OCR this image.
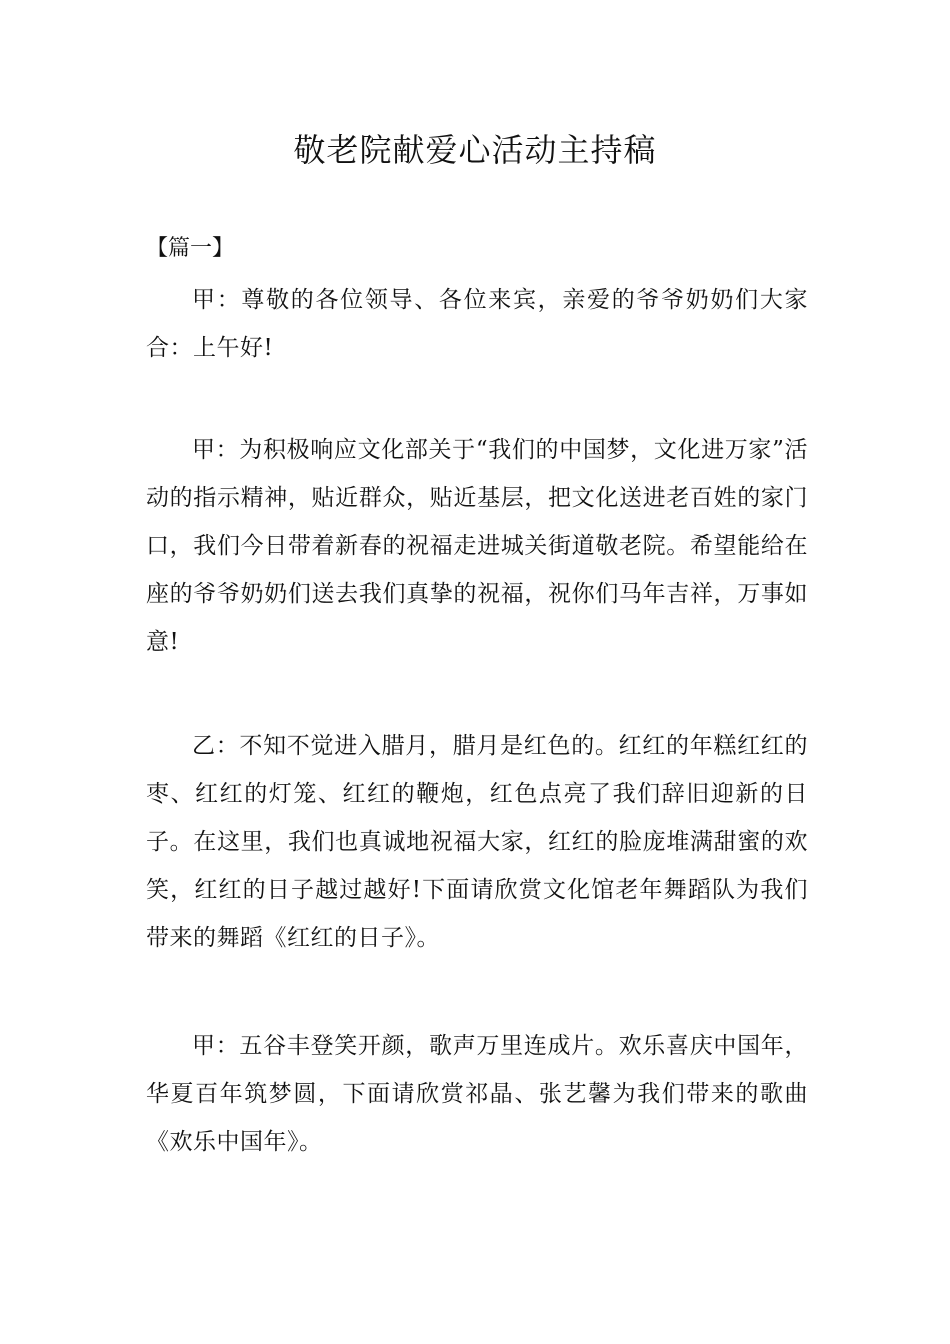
敬老院献爱心活动主持稿
【篇一】

甲：尊敬的各位领导、各位来宾，亲爱的爷爷奶奶们大家合：上午好!

甲：为积极响应文化部关于“我们的中国梦，文化进万家”活动的指示精神，贴近群众，贴近基层，把文化送进老百姓的家门口，我们今日带着新春的祝福走进城关街道敬老院。希望能给在座的爷爷奶奶们送去我们真挚的祝福，祝你们马年吉祥，万事如意!

乙：不知不觉进入腊月，腊月是红色的。红红的年糕红红的枣、红红的灯笼、红红的鞭炮，红色点亮了我们辞旧迎新的日子。在这里，我们也真诚地祝福大家，红红的脸庞堆满甜蜜的欢笑，红红的日子越过越好!下面请欣赏文化馆老年舞蹈队为我们带来的舞蹈《红红的日子》。

甲：五谷丰登笑开颜，歌声万里连成片。欢乐喜庆中国年，华夏百年筑梦圆，下面请欣赏祁晶、张艺馨为我们带来的歌曲《欢乐中国年》。
